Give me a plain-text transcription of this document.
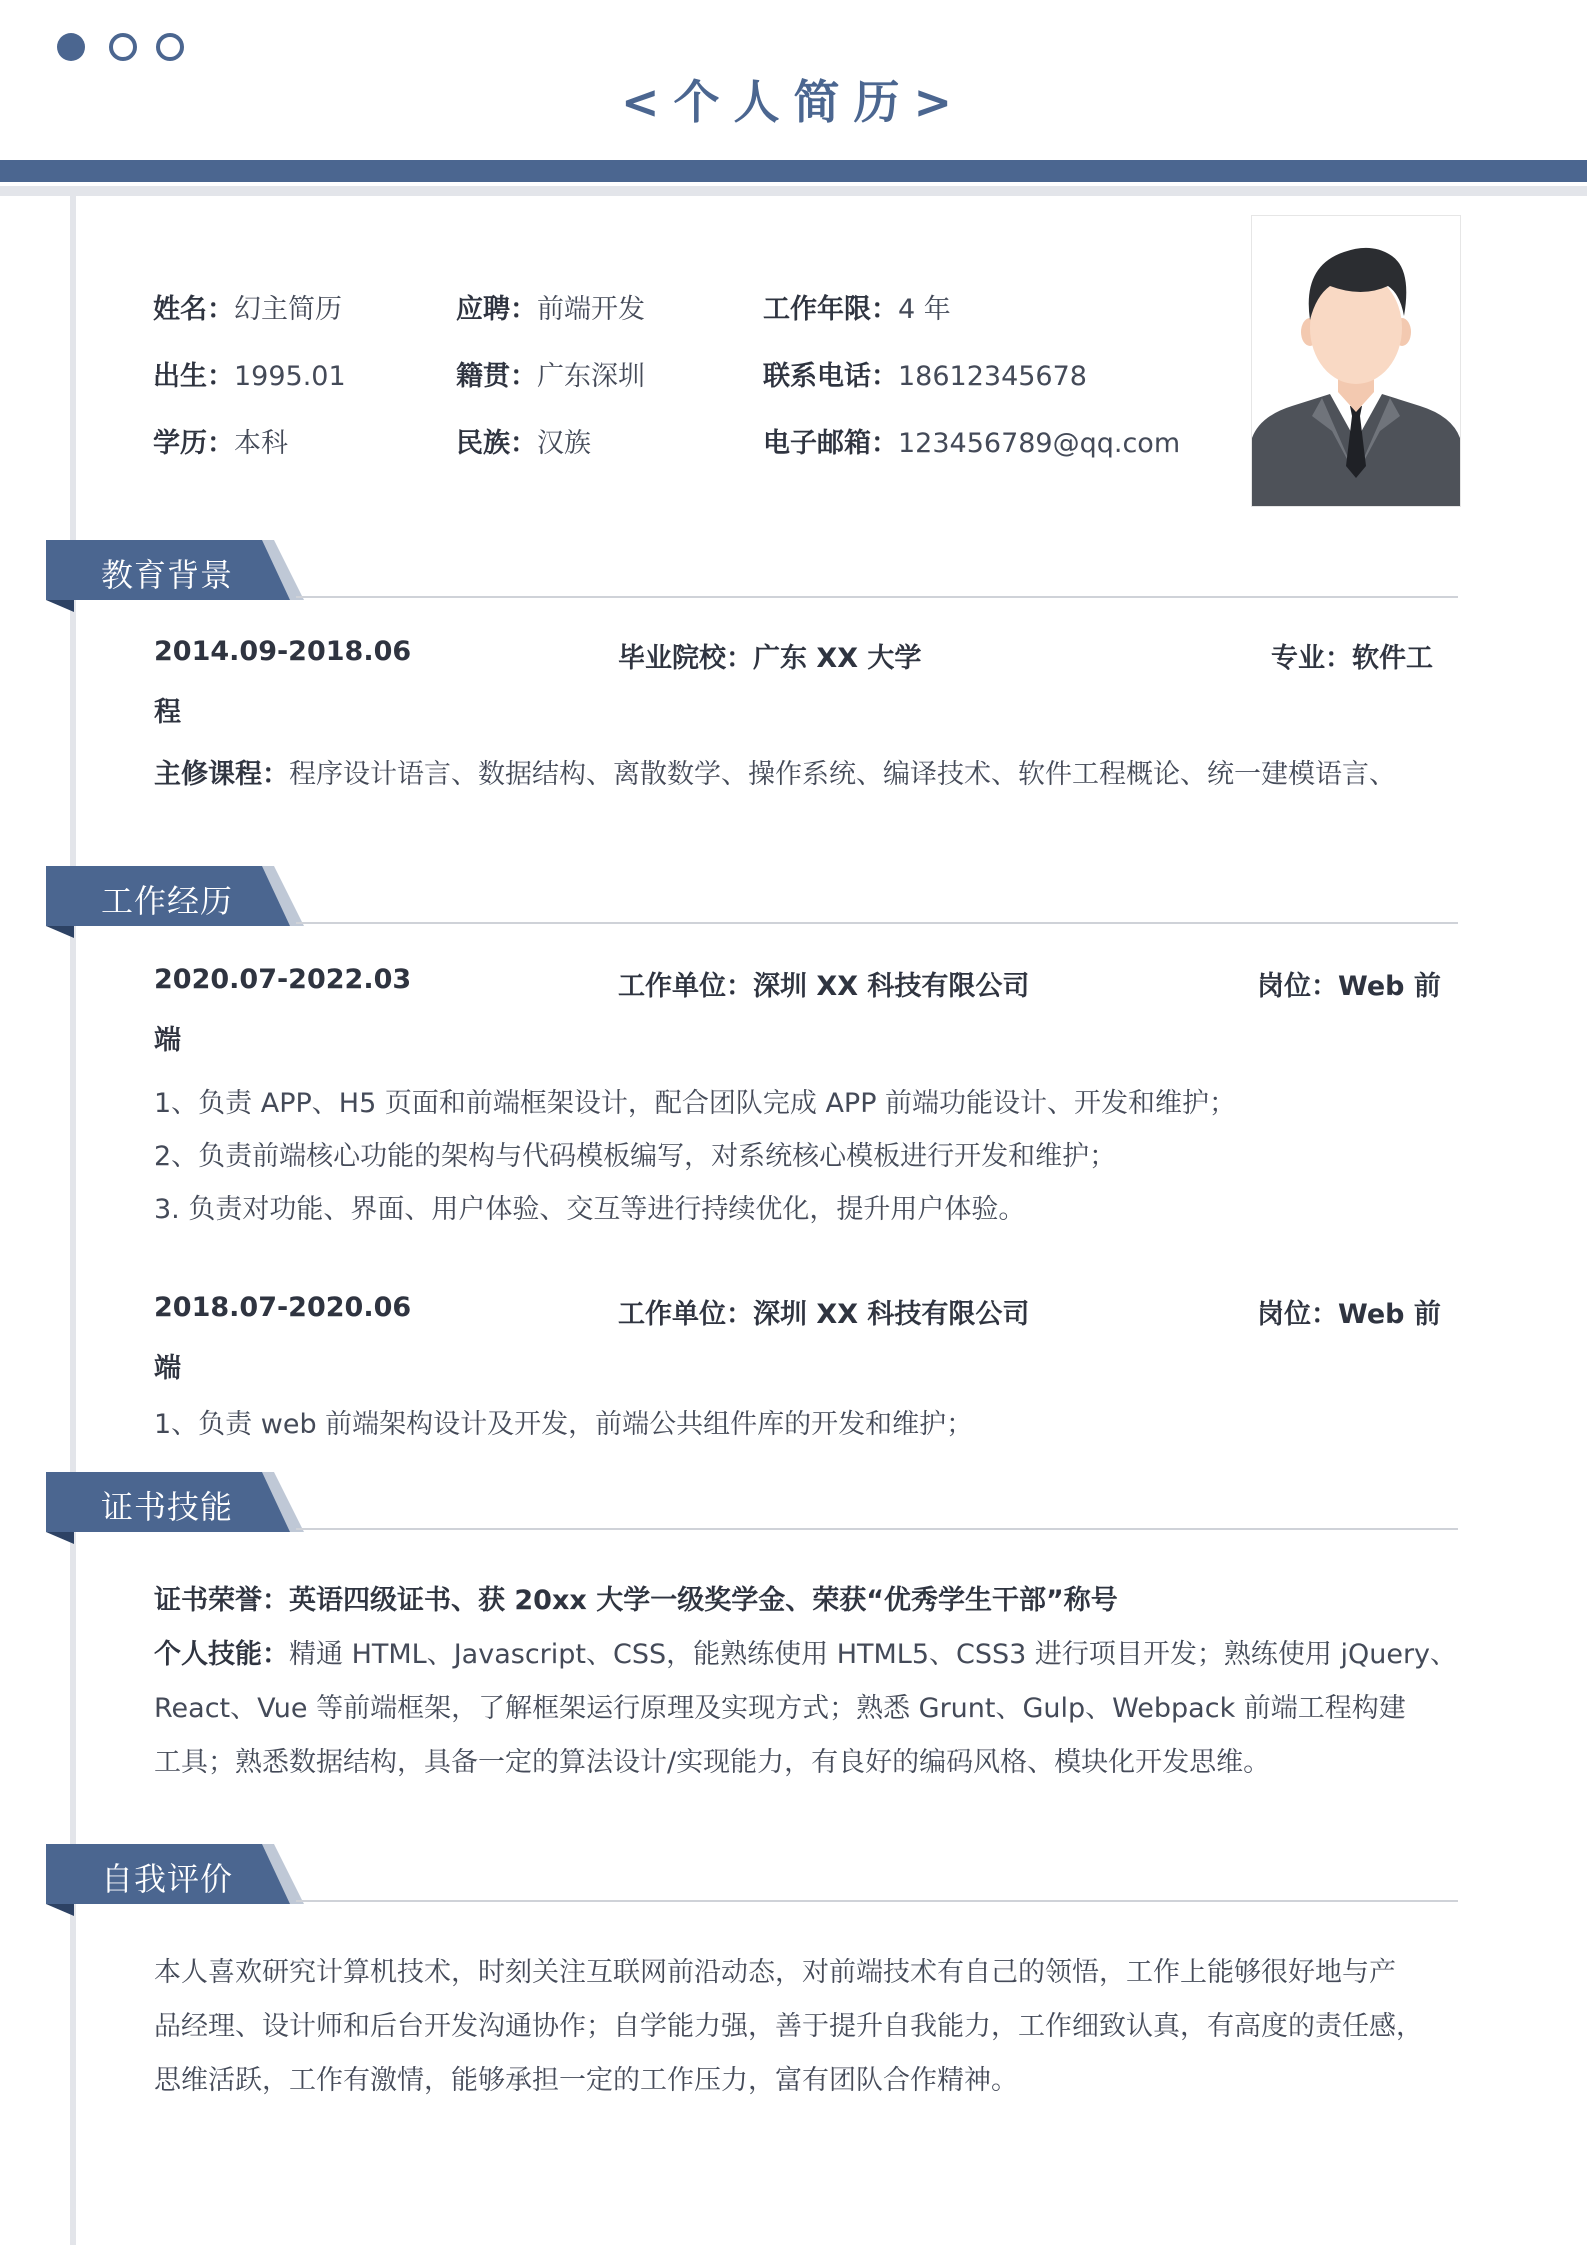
<个人简历>
姓名：幻主简历	应聘：前端开发	工作年限：4 年
出生：1995.01	籍贯：广东深圳	联系电话：18612345678
学历：本科	民族：汉族	电子邮箱：123456789@qq.com
教育背景
2014.09-2018.06	毕业院校：广东 XX 大学	专业：软件工
程
主修课程：程序设计语言、数据结构、离散数学、操作系统、编译技术、软件工程概论、统一建模语言、
工作经历
2020.07-2022.03	工作单位：深圳 XX 科技有限公司	岗位：Web 前
端
1、负责 APP、H5 页面和前端框架设计，配合团队完成 APP 前端功能设计、开发和维护；
2、负责前端核心功能的架构与代码模板编写，对系统核心模板进行开发和维护；
3. 负责对功能、界面、用户体验、交互等进行持续优化，提升用户体验。
2018.07-2020.06	工作单位：深圳 XX 科技有限公司	岗位：Web 前
端
1、负责 web 前端架构设计及开发，前端公共组件库的开发和维护；
证书技能
证书荣誉：英语四级证书、获 20xx 大学一级奖学金、荣获“优秀学生干部”称号
个人技能：精通 HTML、Javascript、CSS，能熟练使用 HTML5、CSS3 进行项目开发；熟练使用 jQuery、
React、Vue 等前端框架，了解框架运行原理及实现方式；熟悉 Grunt、Gulp、Webpack 前端工程构建
工具；熟悉数据结构，具备一定的算法设计/实现能力，有良好的编码风格、模块化开发思维。
自我评价
本人喜欢研究计算机技术，时刻关注互联网前沿动态，对前端技术有自己的领悟，工作上能够很好地与产
品经理、设计师和后台开发沟通协作；自学能力强，善于提升自我能力，工作细致认真，有高度的责任感，
思维活跃，工作有激情，能够承担一定的工作压力，富有团队合作精神。
